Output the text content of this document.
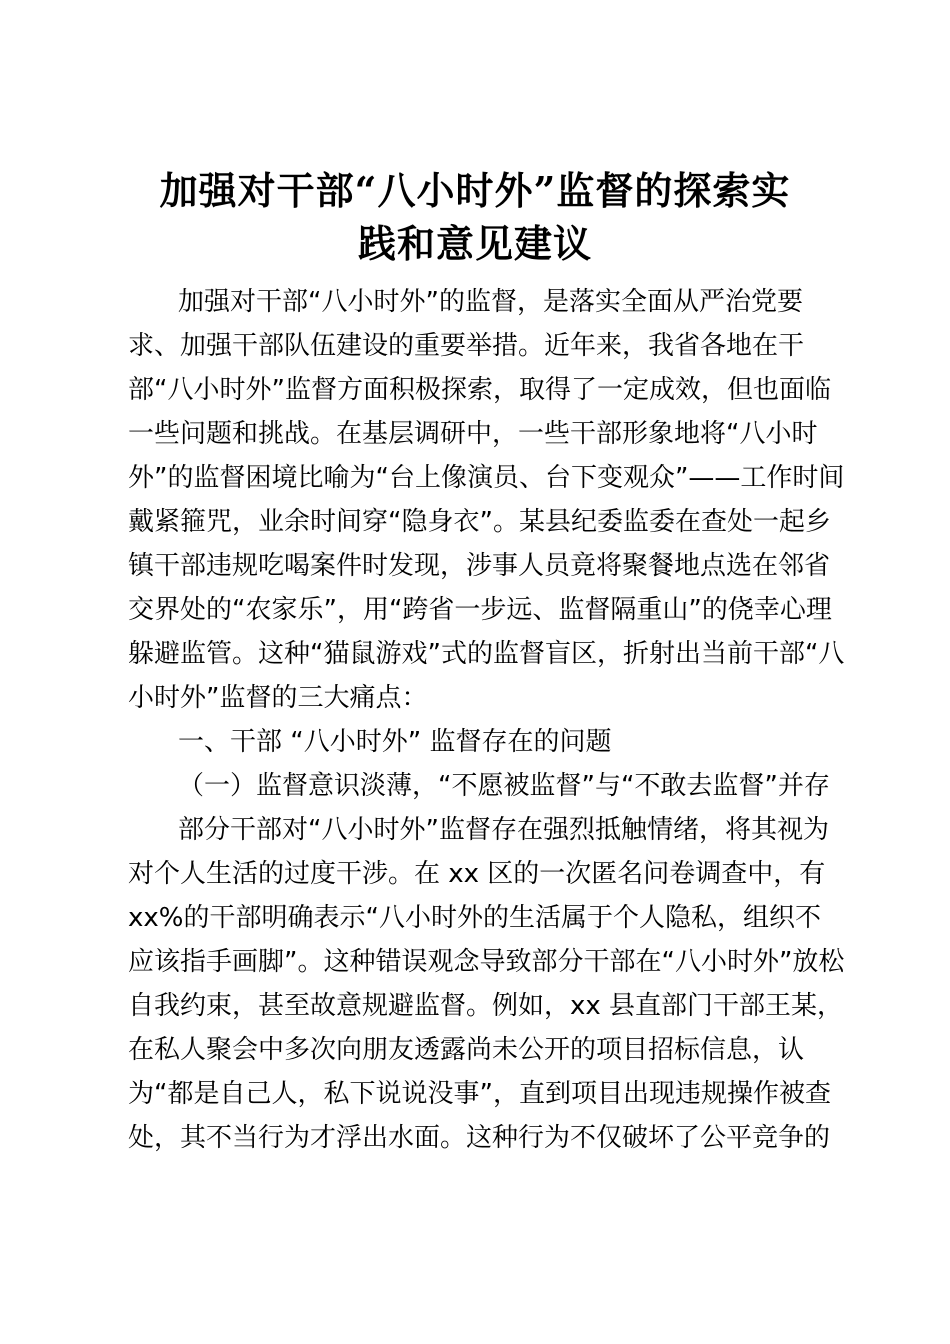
加强对干部“八小时外”监督的探索实
践和意见建议
加强对干部“八小时外”的监督，是落实全面从严治党要
求、加强干部队伍建设的重要举措。近年来，我省各地在干
部“八小时外”监督方面积极探索，取得了一定成效，但也面临
一些问题和挑战。在基层调研中，一些干部形象地将“八小时
外”的监督困境比喻为“台上像演员、台下变观众”——工作时间
戴紧箍咒，业余时间穿“隐身衣”。某县纪委监委在查处一起乡
镇干部违规吃喝案件时发现，涉事人员竟将聚餐地点选在邻省
交界处的“农家乐”，用“跨省一步远、监督隔重山”的侥幸心理
躲避监管。这种“猫鼠游戏”式的监督盲区，折射出当前干部“八
小时外”监督的三大痛点：
一、干部 “八小时外” 监督存在的问题
（一）监督意识淡薄，“不愿被监督”与“不敢去监督”并存
部分干部对“八小时外”监督存在强烈抵触情绪，将其视为
对个人生活的过度干涉。在 xx 区的一次匿名问卷调查中，有
xx%的干部明确表示“八小时外的生活属于个人隐私，组织不
应该指手画脚”。这种错误观念导致部分干部在“八小时外”放松
自我约束，甚至故意规避监督。例如，xx 县直部门干部王某，
在私人聚会中多次向朋友透露尚未公开的项目招标信息，认
为“都是自己人，私下说说没事”，直到项目出现违规操作被查
处，其不当行为才浮出水面。这种行为不仅破坏了公平竞争的
